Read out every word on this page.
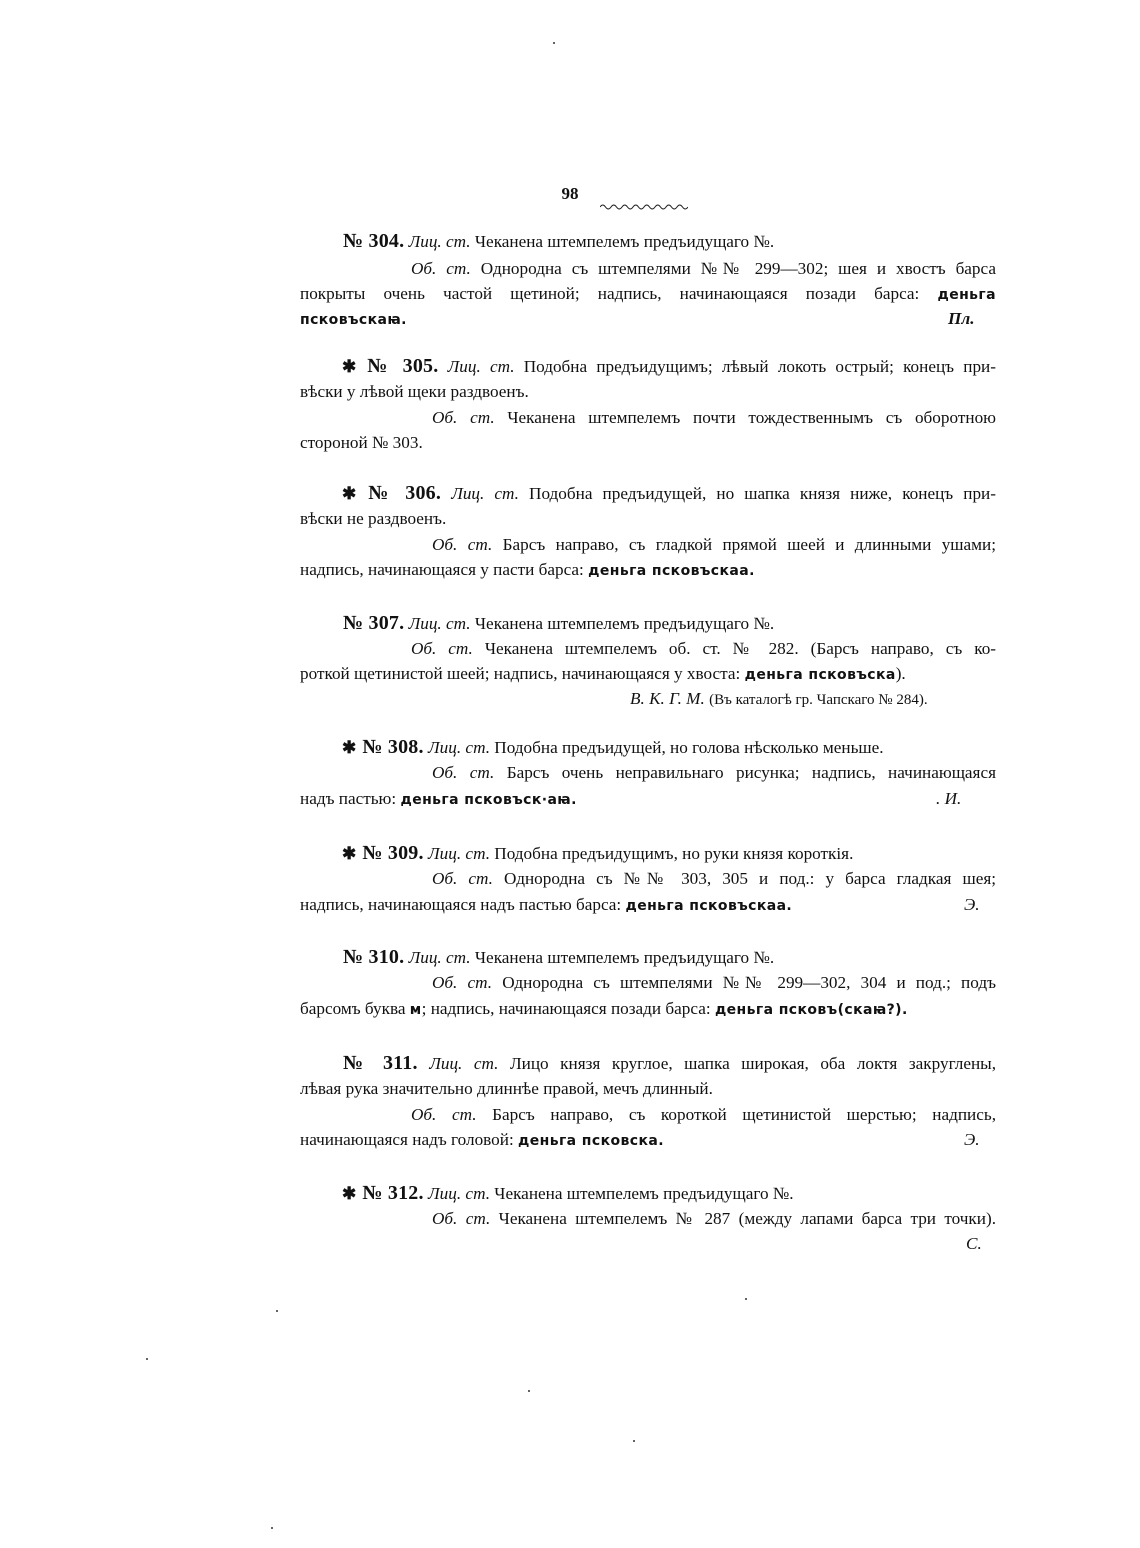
98
№ 304. Лиц. ст. Чеканена штемпелемъ предъидущаго №.
Об. ст. Однородна съ штемпелями №№ 299—302; шея и хвостъ барса
покрыты очень частой щетиной; надпись, начинающаяся позади барса: деньга
псковъскаꙗ.	Пл.
✱ № 305. Лиц. ст. Подобна предъидущимъ; лѣвый локоть острый; конецъ при-
вѣски у лѣвой щеки раздвоенъ.
Об. ст. Чеканена штемпелемъ почти тождественнымъ съ оборотною
стороной № 303.
✱ № 306. Лиц. ст. Подобна предъидущей, но шапка князя ниже, конецъ при-
вѣски не раздвоенъ.
Об. ст. Барсъ направо, съ гладкой прямой шеей и длинными ушами;
надпись, начинающаяся у пасти барса: деньга псковъскаа.
№ 307. Лиц. ст. Чеканена штемпелемъ предъидущаго №.
Об. ст. Чеканена штемпелемъ об. ст. № 282. (Барсъ направо, съ ко-
роткой щетинистой шеей; надпись, начинающаяся у хвоста: деньга псковъска).
В. К. Г. М. (Въ каталогѣ гр. Чапскаго № 284).
✱ № 308. Лиц. ст. Подобна предъидущей, но голова нѣсколько меньше.
Об. ст. Барсъ очень неправильнаго рисунка; надпись, начинающаяся
надъ пастью: деньга псковъск·аꙗ.	. И.
✱ № 309. Лиц. ст. Подобна предъидущимъ, но руки князя короткія.
Об. ст. Однородна съ №№ 303, 305 и под.: у барса гладкая шея;
надпись, начинающаяся надъ пастью барса: деньга псковъскаа.	Э.
№ 310. Лиц. ст. Чеканена штемпелемъ предъидущаго №.
Об. ст. Однородна съ штемпелями №№ 299—302, 304 и под.; подъ
барсомъ буква м; надпись, начинающаяся позади барса: деньга псковъ(скаꙗ?).
№ 311. Лиц. ст. Лицо князя круглое, шапка широкая, оба локтя закруглены,
лѣвая рука значительно длиннѣе правой, мечъ длинный.
Об. ст. Барсъ направо, съ короткой щетинистой шерстью; надпись,
начинающаяся надъ головой: деньга псковска.	Э.
✱ № 312. Лиц. ст. Чеканена штемпелемъ предъидущаго №.
Об. ст. Чеканена штемпелемъ № 287 (между лапами барса три точки).
С.
